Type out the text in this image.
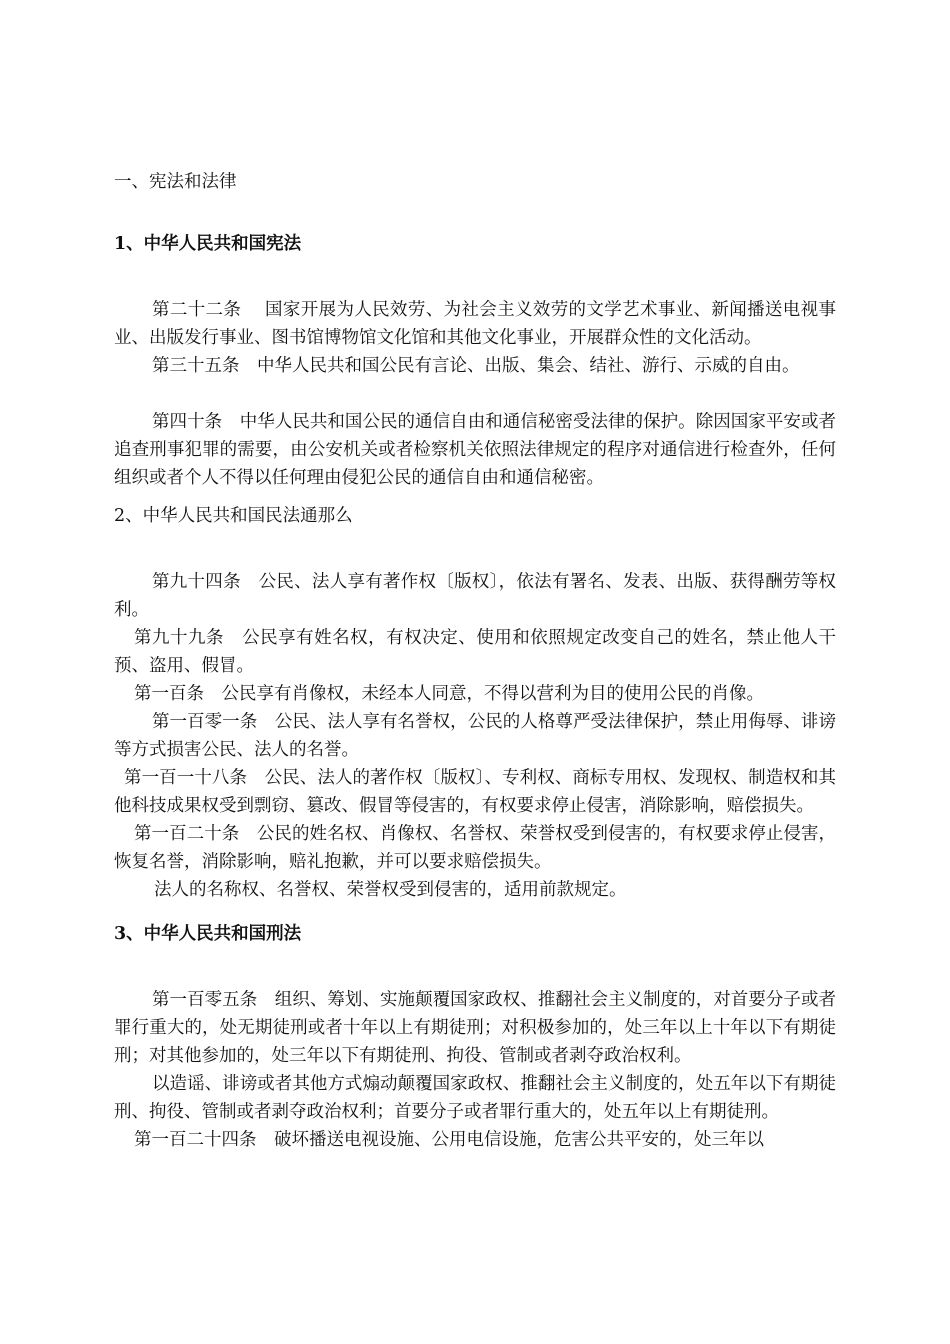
一、宪法和法律

1、中华人民共和国宪法

第二十二条　 国家开展为人民效劳、为社会主义效劳的文学艺术事业、新闻播送电视事业、出版发行事业、图书馆博物馆文化馆和其他文化事业，开展群众性的文化活动。

第三十五条　中华人民共和国公民有言论、出版、集会、结社、游行、示威的自由。

第四十条　中华人民共和国公民的通信自由和通信秘密受法律的保护。除因国家平安或者追查刑事犯罪的需要，由公安机关或者检察机关依照法律规定的程序对通信进行检查外，任何组织或者个人不得以任何理由侵犯公民的通信自由和通信秘密。

2、中华人民共和国民法通那么

第九十四条　公民、法人享有著作权〔版权〕，依法有署名、发表、出版、获得酬劳等权利。

第九十九条　公民享有姓名权，有权决定、使用和依照规定改变自己的姓名，禁止他人干预、盗用、假冒。

第一百条　公民享有肖像权，未经本人同意，不得以营利为目的使用公民的肖像。

第一百零一条　公民、法人享有名誉权，公民的人格尊严受法律保护，禁止用侮辱、诽谤等方式损害公民、法人的名誉。

第一百一十八条　公民、法人的著作权〔版权〕、专利权、商标专用权、发现权、制造权和其他科技成果权受到剽窃、篡改、假冒等侵害的，有权要求停止侵害，消除影响，赔偿损失。

第一百二十条　公民的姓名权、肖像权、名誉权、荣誉权受到侵害的，有权要求停止侵害，恢复名誉，消除影响，赔礼抱歉，并可以要求赔偿损失。

法人的名称权、名誉权、荣誉权受到侵害的，适用前款规定。

3、中华人民共和国刑法

第一百零五条　组织、筹划、实施颠覆国家政权、推翻社会主义制度的，对首要分子或者罪行重大的，处无期徒刑或者十年以上有期徒刑；对积极参加的，处三年以上十年以下有期徒刑；对其他参加的，处三年以下有期徒刑、拘役、管制或者剥夺政治权利。

以造谣、诽谤或者其他方式煽动颠覆国家政权、推翻社会主义制度的，处五年以下有期徒刑、拘役、管制或者剥夺政治权利；首要分子或者罪行重大的，处五年以上有期徒刑。

第一百二十四条　破坏播送电视设施、公用电信设施，危害公共平安的，处三年以
